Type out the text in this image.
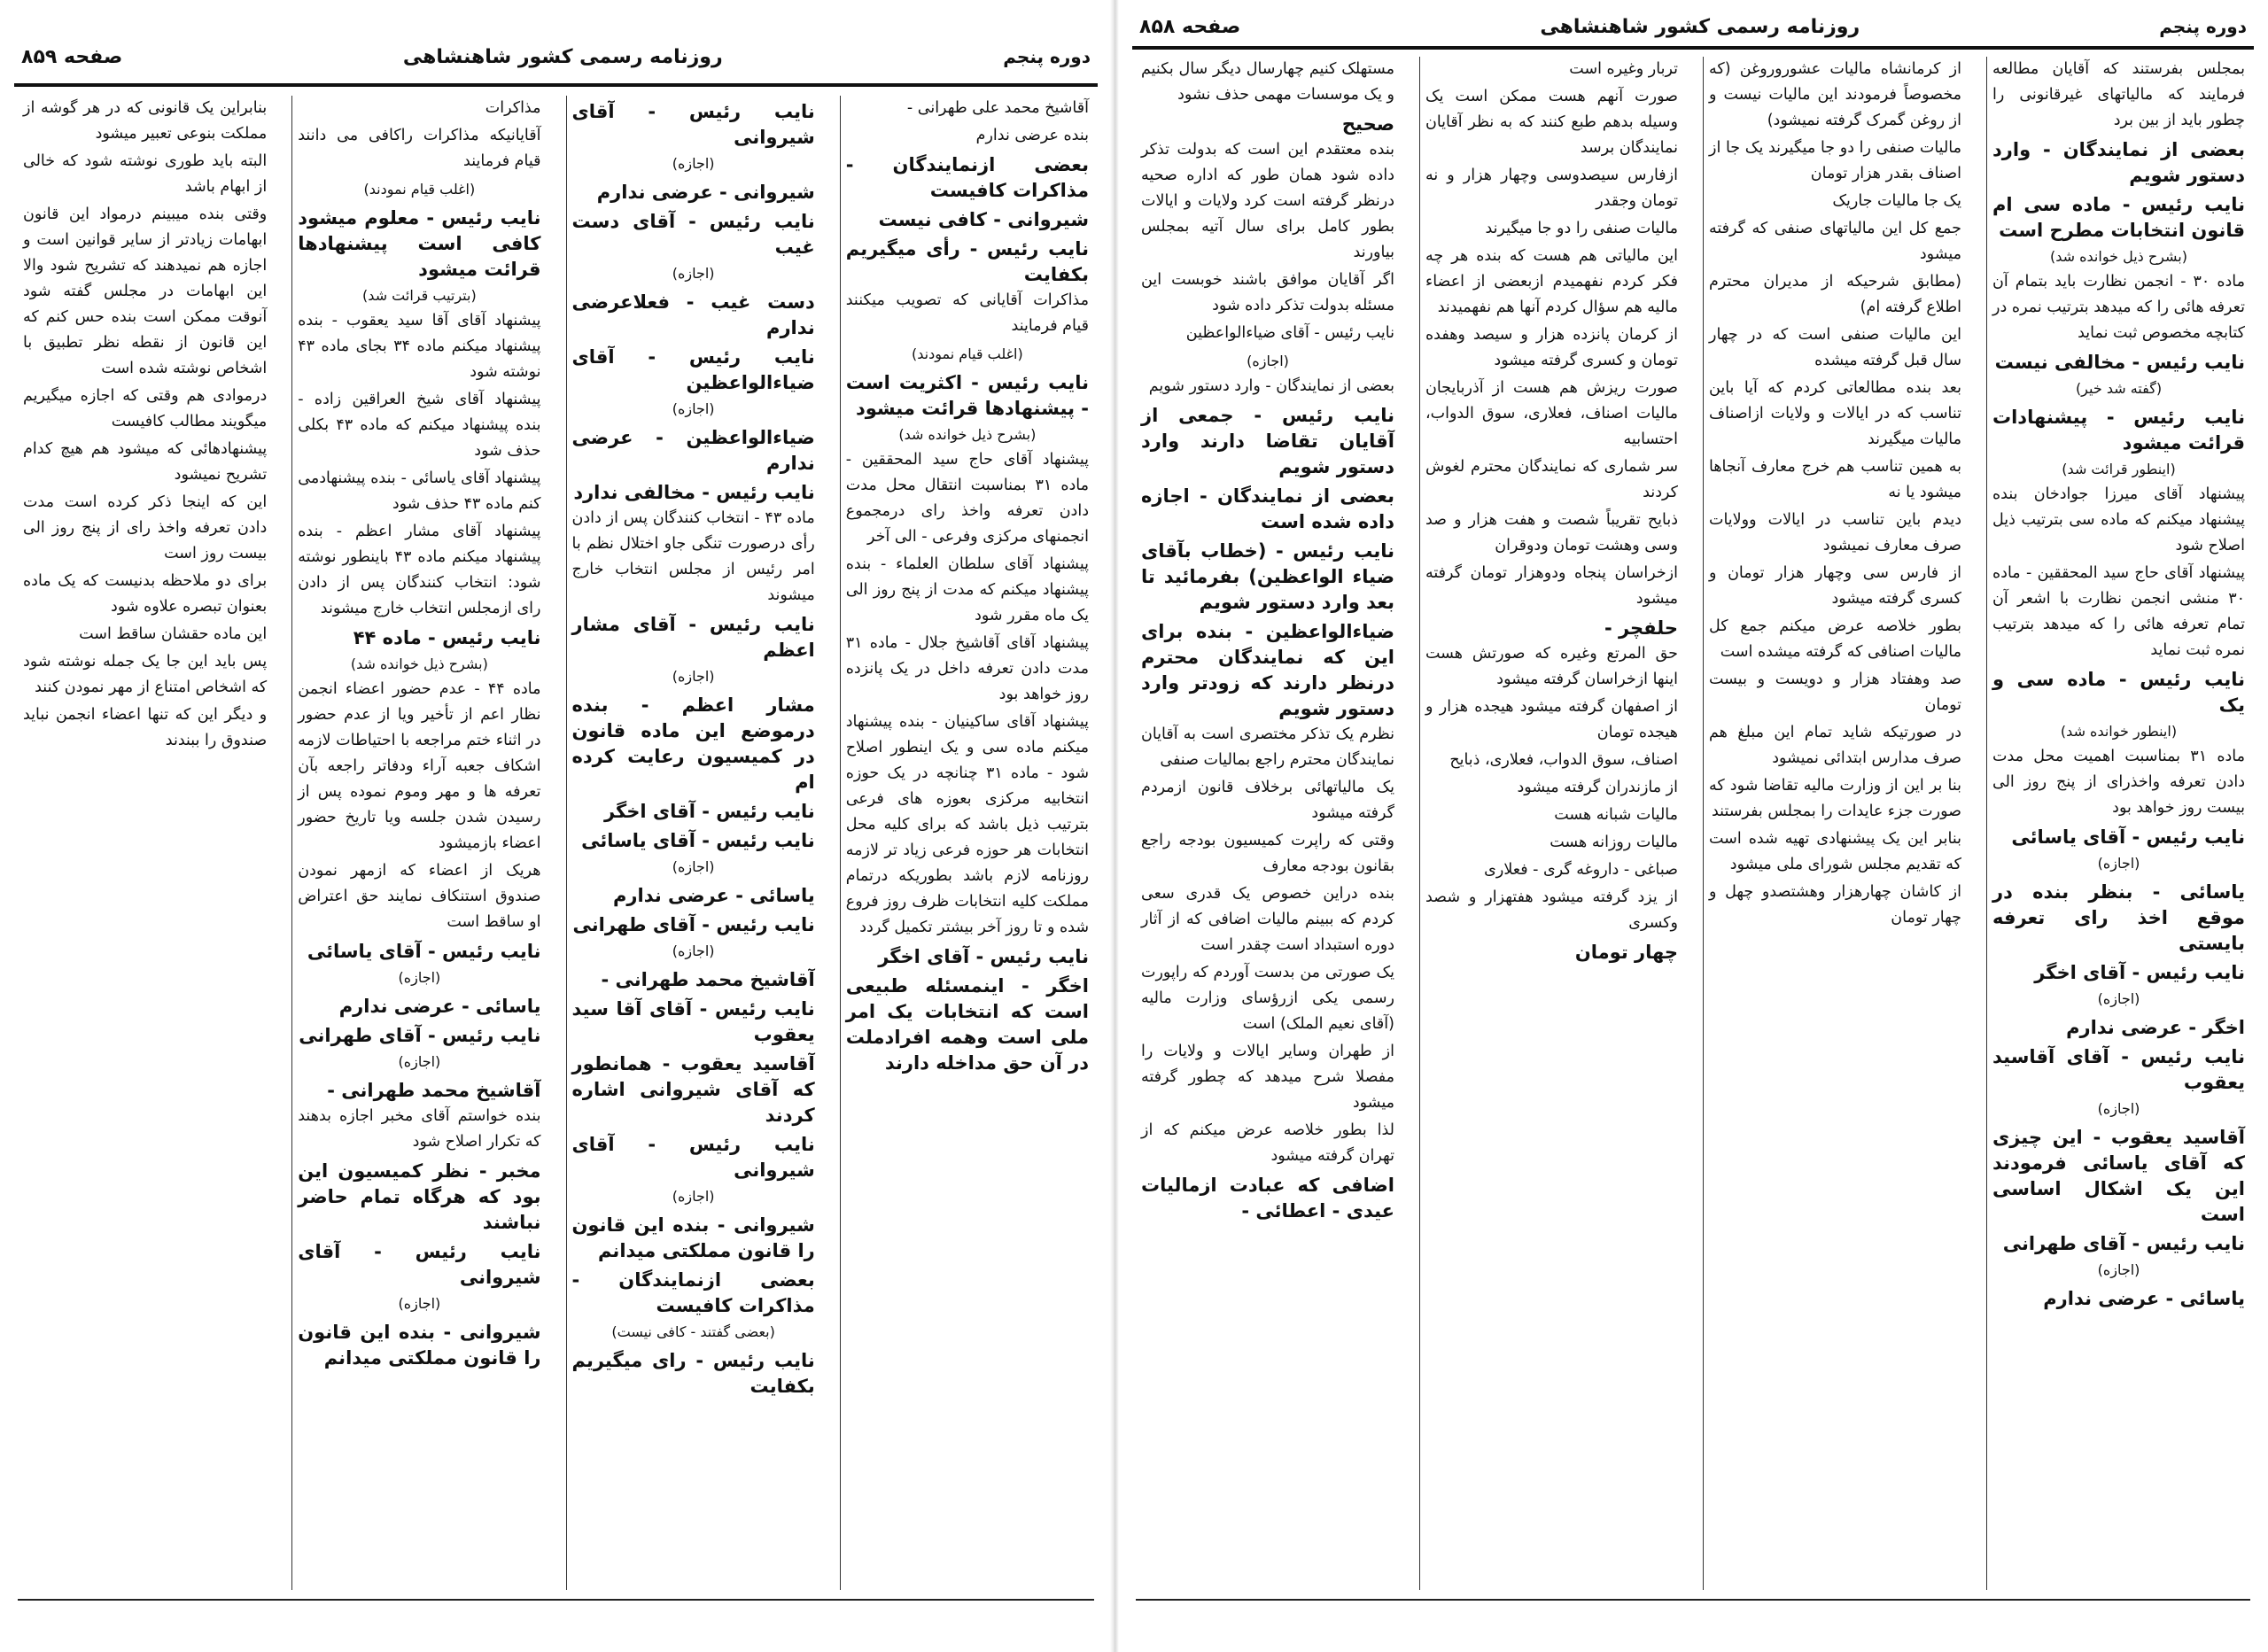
دوره پنجم
روزنامه رسمی کشور شاهنشاهی
صفحه ۸۵۹

آقاشیخ محمد علی طهرانی -

بنده عرضی ندارم

بعضی ازنمایندگان - مذاکرات کافیست
شیروانی - کافی نیست
نایب رئیس - رأی میگیریم بکفایت

مذاکرات آقایانی که تصویب میکنند قیام فرمایند

(اغلب قیام نمودند)
نایب رئیس - اکثریت است - پیشنهادها قرائت میشود
(بشرح ذیل خوانده شد)

پیشنهاد آقای حاج سید المحققین - ماده ۳۱ بمناسبت انتقال محل مدت دادن تعرفه واخذ رای درمجموع انجمنهای مرکزی وفرعی - الی آخر

پیشنهاد آقای سلطان العلماء - بنده پیشنهاد میکنم که مدت از پنج روز الی یک ماه مقرر شود

پیشنهاد آقای آقاشیخ جلال - ماده ۳۱ مدت دادن تعرفه داخل در یک پانزده روز خواهد بود

پیشنهاد آقای ساکینیان - بنده پیشنهاد میکنم ماده سی و یک اینطور اصلاح شود - ماده ۳۱ چنانچه در یک حوزه انتخابیه مرکزی بعوزه های فرعی بترتیب ذیل باشد که برای کلیه محل انتخابات هر حوزه فرعی زیاد تر لازمه روزنامه لازم باشد بطوریکه درتمام مملکت کلیه انتخابات ظرف روز فروع شده و تا روز آخر بیشتر تکمیل گردد

نایب رئیس - آقای اخگر
اخگر - اینمسئله طبیعی است که انتخابات یک امر ملی است وهمه افرادملت در آن حق مداخله دارند
نایب رئیس - آقای شیروانی
(اجازه)
شیروانی - عرضی ندارم
نایب رئیس - آقای دست غیب
(اجازه)
دست غیب - فعلاعرضی ندارم
نایب رئیس - آقای ضیاءالواعظین
(اجازه)
ضیاءالواعظین - عرضی ندارم
نایب رئیس - مخالفی ندارد

ماده ۴۳ - انتخاب کنندگان پس از دادن رأی درصورت تنگی جاو اختلال نظم با امر رئیس از مجلس انتخاب خارج میشوند

نایب رئیس - آقای مشار اعظم
(اجازه)
مشار اعظم - بنده درموضع این ماده قانون در کمیسیون رعایت کرده ام
نایب رئیس - آقای اخگر
نایب رئیس - آقای یاسائی
(اجازه)
یاسائی - عرضی ندارم
نایب رئیس - آقای طهرانی
(اجازه)
آقاشیخ محمد طهرانی -
نایب رئیس - آقای آقا سید یعقوب
آقاسید یعقوب - همانطور که آقای شیروانی اشاره کردند
نایب رئیس - آقای شیروانی
(اجازه)
شیروانی - بنده این قانون را قانون مملکتی میدانم
بعضی ازنمایندگان - مذاکرات کافیست
(بعضی گفتند - کافی نیست)
نایب رئیس - رای میگیریم بکفایت

مذاکرات

آقایانیکه مذاکرات راکافی می دانند قیام فرمایند

(اغلب قیام نمودند)
نایب رئیس - معلوم میشود کافی است پیشنهادها قرائت میشود
(بترتیب قرائت شد)

پیشنهاد آقای آقا سید یعقوب - بنده پیشنهاد میکنم ماده ۳۴ بجای ماده ۴۳ نوشته شود

پیشنهاد آقای شیخ العراقین زاده - بنده پیشنهاد میکنم که ماده ۴۳ بکلی حذف شود

پیشنهاد آقای یاسائی - بنده پیشنهادمی کنم ماده ۴۳ حذف شود

پیشنهاد آقای مشار اعظم - بنده پیشنهاد میکنم ماده ۴۳ باینطور نوشته شود: انتخاب کنندگان پس از دادن رای ازمجلس انتخاب خارج میشوند

نایب رئیس - ماده ۴۴
(بشرح ذیل خوانده شد)

ماده ۴۴ - عدم حضور اعضاء انجمن نظار اعم از تأخیر ویا از عدم حضور در اثناء ختم مراجعه با احتیاطات لازمه اشکاف جعبه آراء ودفاتر راجعه بآن تعرفه ها و مهر وموم نموده پس از رسیدن شدن جلسه ویا تاریخ حضور اعضاء بازمیشود

هریک از اعضاء که ازمهر نمودن صندوق استنکاف نمایند حق اعتراض او ساقط است

نایب رئیس - آقای یاسائی
(اجازه)
یاسائی - عرضی ندارم
نایب رئیس - آقای طهرانی
(اجازه)
آقاشیخ محمد طهرانی -

بنده خواستم آقای مخبر اجازه بدهند که تکرار اصلاح شود

مخبر - نظر کمیسیون این بود که هرگاه تمام حاضر نباشند
نایب رئیس - آقای شیروانی
(اجازه)
شیروانی - بنده این قانون را قانون مملکتی میدانم

بنابراین یک قانونی که در هر گوشه از مملکت بنوعی تعبیر میشود

البته باید طوری نوشته شود که خالی از ابهام باشد

وقتی بنده میبینم درمواد این قانون ابهامات زیادتر از سایر قوانین است و اجازه هم نمیدهند که تشریح شود والا این ابهامات در مجلس گفته شود آنوقت ممکن است بنده حس کنم که این قانون از نقطه نظر تطبیق با اشخاص نوشته شده است

درموادی هم وقتی که اجازه میگیریم میگویند مطالب کافیست

پیشنهادهائی که میشود هم هیچ کدام تشریح نمیشود

این که اینجا ذکر کرده است مدت دادن تعرفه واخذ رای از پنج روز الی بیست روز است

برای دو ملاحظه بدنیست که یک ماده بعنوان تبصره علاوه شود

این ماده حقشان ساقط است

پس باید این جا یک جمله نوشته شود که اشخاص امتناع از مهر نمودن کنند

و دیگر این که تنها اعضاء انجمن نباید صندوق را ببندند

دوره پنجم
روزنامه رسمی کشور شاهنشاهی
صفحه ۸۵۸

بمجلس بفرستند که آقایان مطالعه فرمایند که مالیاتهای غیرقانونی را چطور باید از بین برد

بعضی از نمایندگان - وارد دستور شویم
نایب رئیس - ماده سی ام قانون انتخابات مطرح است
(بشرح ذیل خوانده شد)

ماده ۳۰ - انجمن نظارت باید بتمام آن تعرفه هائی را که میدهد بترتیب نمره در کتابچه مخصوص ثبت نماید

نایب رئیس - مخالفی نیست
(گفته شد خیر)
نایب رئیس - پیشنهادات قرائت میشود
(اینطور قرائت شد)

پیشنهاد آقای میرزا جوادخان بنده پیشنهاد میکنم که ماده سی بترتیب ذیل اصلاح شود

پیشنهاد آقای حاج سید المحققین - ماده ۳۰ منشی انجمن نظارت با اشعر آن تمام تعرفه هائی را که میدهد بترتیب نمره ثبت نماید

نایب رئیس - ماده سی و یک
(اینطور خوانده شد)

ماده ۳۱ بمناسبت اهمیت محل مدت دادن تعرفه واخذرای از پنج روز الی بیست روز خواهد بود

نایب رئیس - آقای یاسائی
(اجازه)
یاسائی - بنظر بنده در موقع اخذ رای تعرفه بایستی
نایب رئیس - آقای اخگر
(اجازه)
اخگر - عرضی ندارم
نایب رئیس - آقای آقاسید یعقوب
(اجازه)
آقاسید یعقوب - این چیزی که آقای یاسائی فرمودند این یک اشکال اساسی است
نایب رئیس - آقای طهرانی
(اجازه)
یاسائی - عرضی ندارم

از کرمانشاه مالیات عشوروروغن (که مخصوصاً فرمودند این مالیات نیست و از روغن گمرک گرفته نمیشود)

مالیات صنفی را دو جا میگیرند یک جا از اصناف بقدر هزار تومان

یک جا مالیات جاریک

جمع کل این مالیاتهای صنفی که گرفته میشود

(مطابق شرحیکه از مدیران محترم اطلاع گرفته ام)

این مالیات صنفی است که در چهار سال قبل گرفته میشده

بعد بنده مطالعاتی کردم که آیا باین تناسب که در ایالات و ولایات ازاصناف مالیات میگیرند

به همین تناسب هم خرج معارف آنجاها میشود یا نه

دیدم باین تناسب در ایالات وولایات صرف معارف نمیشود

از فارس سی وچهار هزار تومان و کسری گرفته میشود

بطور خلاصه عرض میکنم جمع کل مالیات اصنافی که گرفته میشده است

صد وهفتاد هزار و دویست و بیست تومان

در صورتیکه شاید تمام این مبلغ هم صرف مدارس ابتدائی نمیشود

بنا بر این از وزارت مالیه تقاضا شود که صورت جزء عایدات را بمجلس بفرستند

بنابر این یک پیشنهادی تهیه شده است که تقدیم مجلس شورای ملی میشود

از کاشان چهارهزار وهشتصدو چهل و چهار تومان

تربار وغیره است

صورت آنهم هست ممکن است یک وسیله بدهم طبع کنند که به نظر آقایان نمایندگان برسد

ازفارس سیصدوسی وچهار هزار و نه تومان وجقدر

مالیات صنفی را دو جا میگیرند

این مالیاتی هم هست که بنده هر چه فکر کردم نفهمیدم ازبعضی از اعضاء مالیه هم سؤال کردم آنها هم نفهمیدند

از کرمان پانزده هزار و سیصد وهفده تومان و کسری گرفته میشود

صورت ریزش هم هست از آذربایجان مالیات اصناف، فعلاری، سوق الدواب، احتسابیه

سر شماری که نمایندگان محترم لغوش کردند

ذبایح تقریباً شصت و هفت هزار و صد وسی وهشت تومان ودوقران

ازخراسان پنجاه ودوهزار تومان گرفته میشود

حلفچر -

حق المرتع وغیره که صورتش هست اینها ازخراسان گرفته میشود

از اصفهان گرفته میشود هیجده هزار و هیجده تومان

اصناف، سوق الدواب، فعلاری، ذبایح

از مازندران گرفته میشود

مالیات شبانه هست

مالیات روزانه هست

صباغی - داروغه گری - فعلاری

از یزد گرفته میشود هفتهزار و شصد وکسری

چهار تومان

مستهلک کنیم چهارسال دیگر سال بکنیم و یک موسسات مهمی حذف نشود

صحیح

بنده معتقدم این است که بدولت تذکر داده شود همان طور که اداره صحیه درنظر گرفته است کرد ولایات و ایالات بطور کامل برای سال آتیه بمجلس بیاورند

اگر آقایان موافق باشند خوبست این مسئله بدولت تذکر داده شود

نایب رئیس - آقای ضیاءالواعظین

(اجازه)

بعضی از نمایندگان - وارد دستور شویم

نایب رئیس - جمعی از آقایان تقاضا دارند وارد دستور شویم
بعضی از نمایندگان - اجازه داده شده است
نایب رئیس - (خطاب بآقای ضیاء الواعظین) بفرمائید تا بعد وارد دستور شویم
ضیاءالواعظین - بنده برای این که نمایندگان محترم درنظر دارند که زودتر وارد دستور شویم

نظرم یک تذکر مختصری است به آقایان نمایندگان محترم راجع بمالیات صنفی

یک مالیاتهائی برخلاف قانون ازمردم گرفته میشود

وقتی که راپرت کمیسیون بودجه راجع بقانون بودجه معارف

بنده دراین خصوص یک قدری سعی کردم که ببینم مالیات اضافی که از آثار دوره استبداد است چقدر است

یک صورتی من بدست آوردم که راپورت رسمی یکی ازرؤسای وزارت مالیه (آقای نعیم الملک) است

از طهران وسایر ایالات و ولایات را مفصلا شرح میدهد که چطور گرفته میشود

لذا بطور خلاصه عرض میکنم که از تهران گرفته میشود

اضافی که عبادت ازمالیات عیدی - اعطائی -
